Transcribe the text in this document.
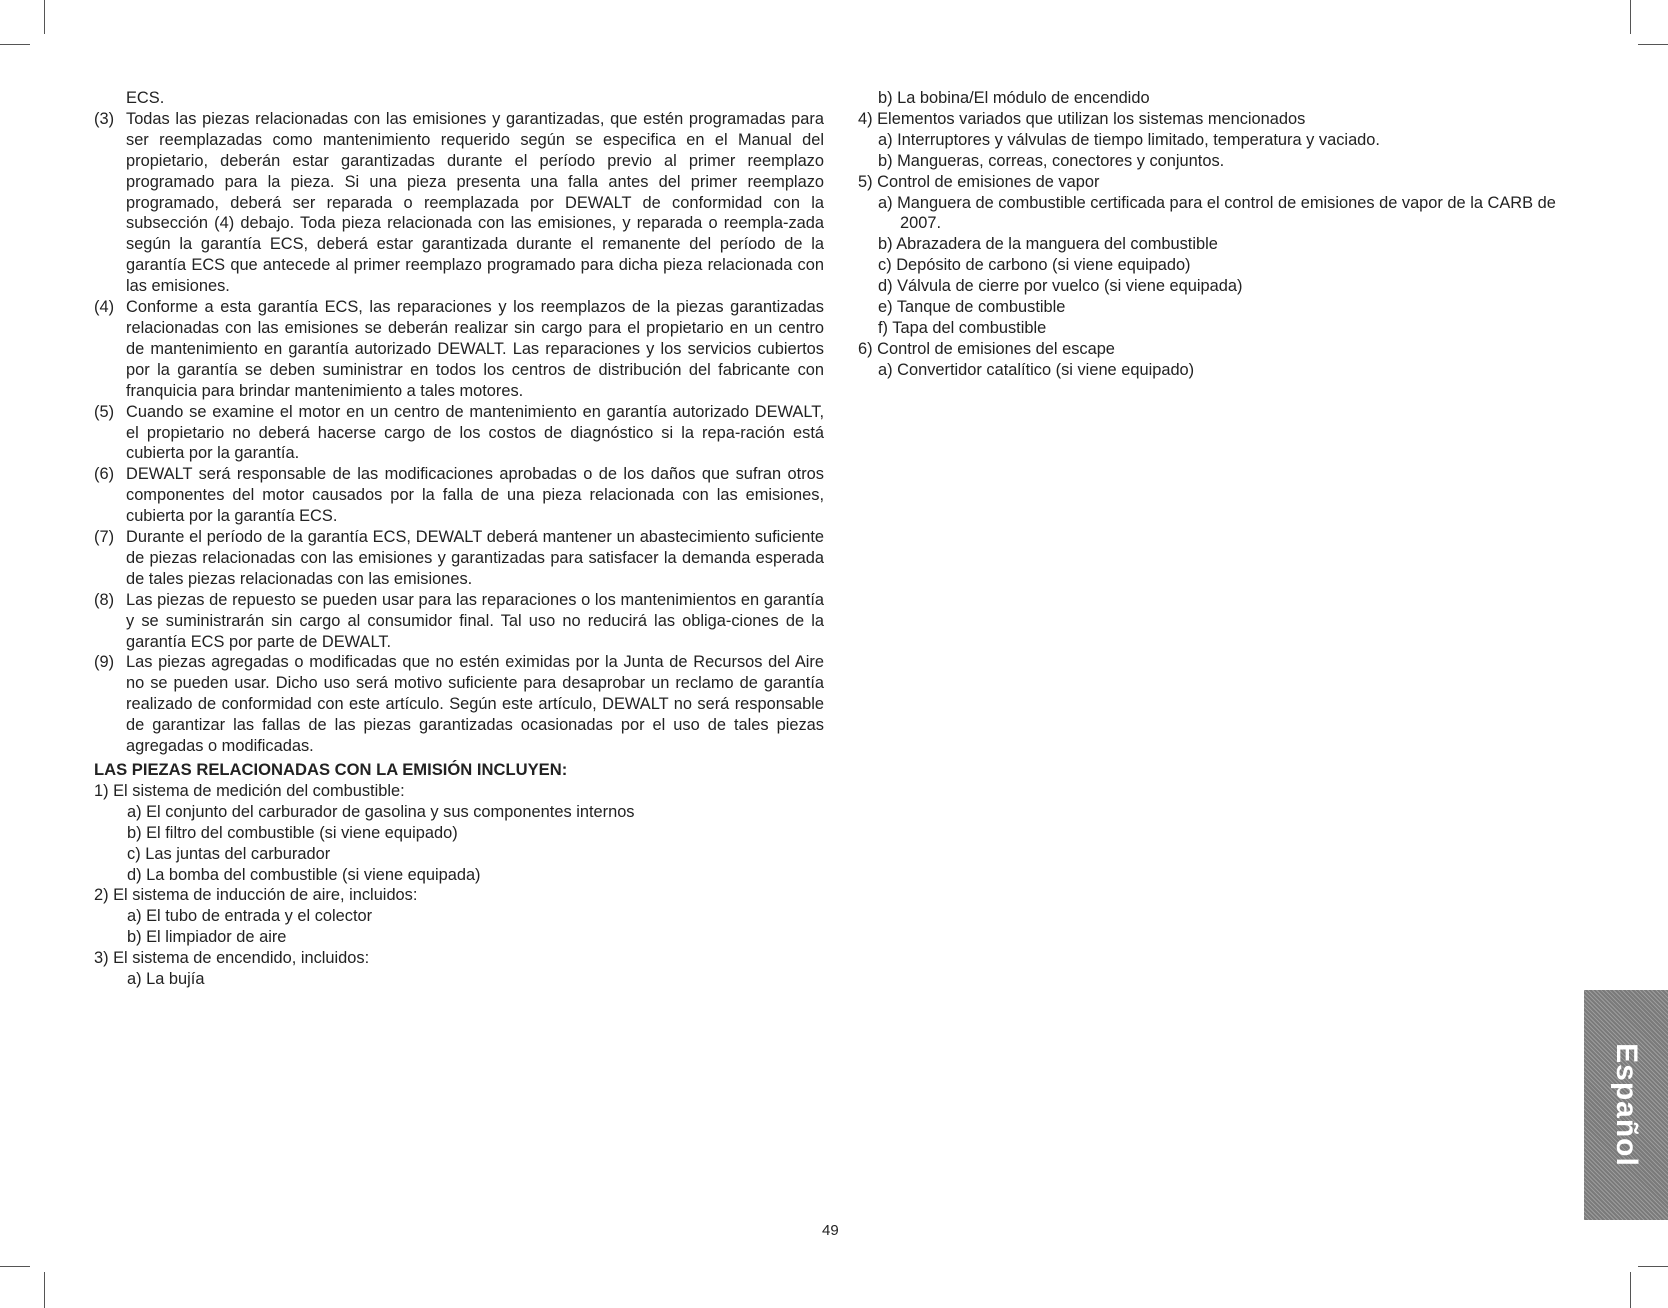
ECS.
(3) Todas las piezas relacionadas con las emisiones y garantizadas, que estén programadas para ser reemplazadas como mantenimiento requerido según se especifica en el Manual del propietario, deberán estar garantizadas durante el período previo al primer reemplazo programado para la pieza. Si una pieza presenta una falla antes del primer reemplazo programado, deberá ser reparada o reemplazada por DEWALT de conformidad con la subsección (4) debajo. Toda pieza relacionada con las emisiones, y reparada o reempla-zada según la garantía ECS, deberá estar garantizada durante el remanente del período de la garantía ECS que antecede al primer reemplazo programado para dicha pieza relacionada con las emisiones.
(4) Conforme a esta garantía ECS, las reparaciones y los reemplazos de la piezas garantizadas relacionadas con las emisiones se deberán realizar sin cargo para el propietario en un centro de mantenimiento en garantía autorizado DEWALT. Las reparaciones y los servicios cubiertos por la garantía se deben suministrar en todos los centros de distribución del fabricante con franquicia para brindar mantenimiento a tales motores.
(5) Cuando se examine el motor en un centro de mantenimiento en garantía autorizado DEWALT, el propietario no deberá hacerse cargo de los costos de diagnóstico si la repa-ración está cubierta por la garantía.
(6) DEWALT será responsable de las modificaciones aprobadas o de los daños que sufran otros componentes del motor causados por la falla de una pieza relacionada con las emisiones, cubierta por la garantía ECS.
(7) Durante el período de la garantía ECS, DEWALT deberá mantener un abastecimiento suficiente de piezas relacionadas con las emisiones y garantizadas para satisfacer la demanda esperada de tales piezas relacionadas con las emisiones.
(8) Las piezas de repuesto se pueden usar para las reparaciones o los mantenimientos en garantía y se suministrarán sin cargo al consumidor final. Tal uso no reducirá las obliga-ciones de la garantía ECS por parte de DEWALT.
(9) Las piezas agregadas o modificadas que no estén eximidas por la Junta de Recursos del Aire no se pueden usar. Dicho uso será motivo suficiente para desaprobar un reclamo de garantía realizado de conformidad con este artículo. Según este artículo, DEWALT no será responsable de garantizar las fallas de las piezas garantizadas ocasionadas por el uso de tales piezas agregadas o modificadas.
LAS PIEZAS RELACIONADAS CON LA EMISIÓN INCLUYEN:
1) El sistema de medición del combustible:
a) El conjunto del carburador de gasolina y sus componentes internos
b) El filtro del combustible (si viene equipado)
c) Las juntas del carburador
d) La bomba del combustible (si viene equipada)
2) El sistema de inducción de aire, incluidos:
a) El tubo de entrada y el colector
b) El limpiador de aire
3) El sistema de encendido, incluidos:
a) La bujía
b) La bobina/El módulo de encendido
4) Elementos variados que utilizan los sistemas mencionados
a) Interruptores y válvulas de tiempo limitado, temperatura y vaciado.
b) Mangueras, correas, conectores y conjuntos.
5) Control de emisiones de vapor
a) Manguera de combustible certificada para el control de emisiones de vapor de la CARB de 2007.
b) Abrazadera de la manguera del combustible
c) Depósito de carbono (si viene equipado)
d) Válvula de cierre por vuelco (si viene equipada)
e) Tanque de combustible
f) Tapa del combustible
6) Control de emisiones del escape
a) Convertidor catalítico (si viene equipado)
49
Español
